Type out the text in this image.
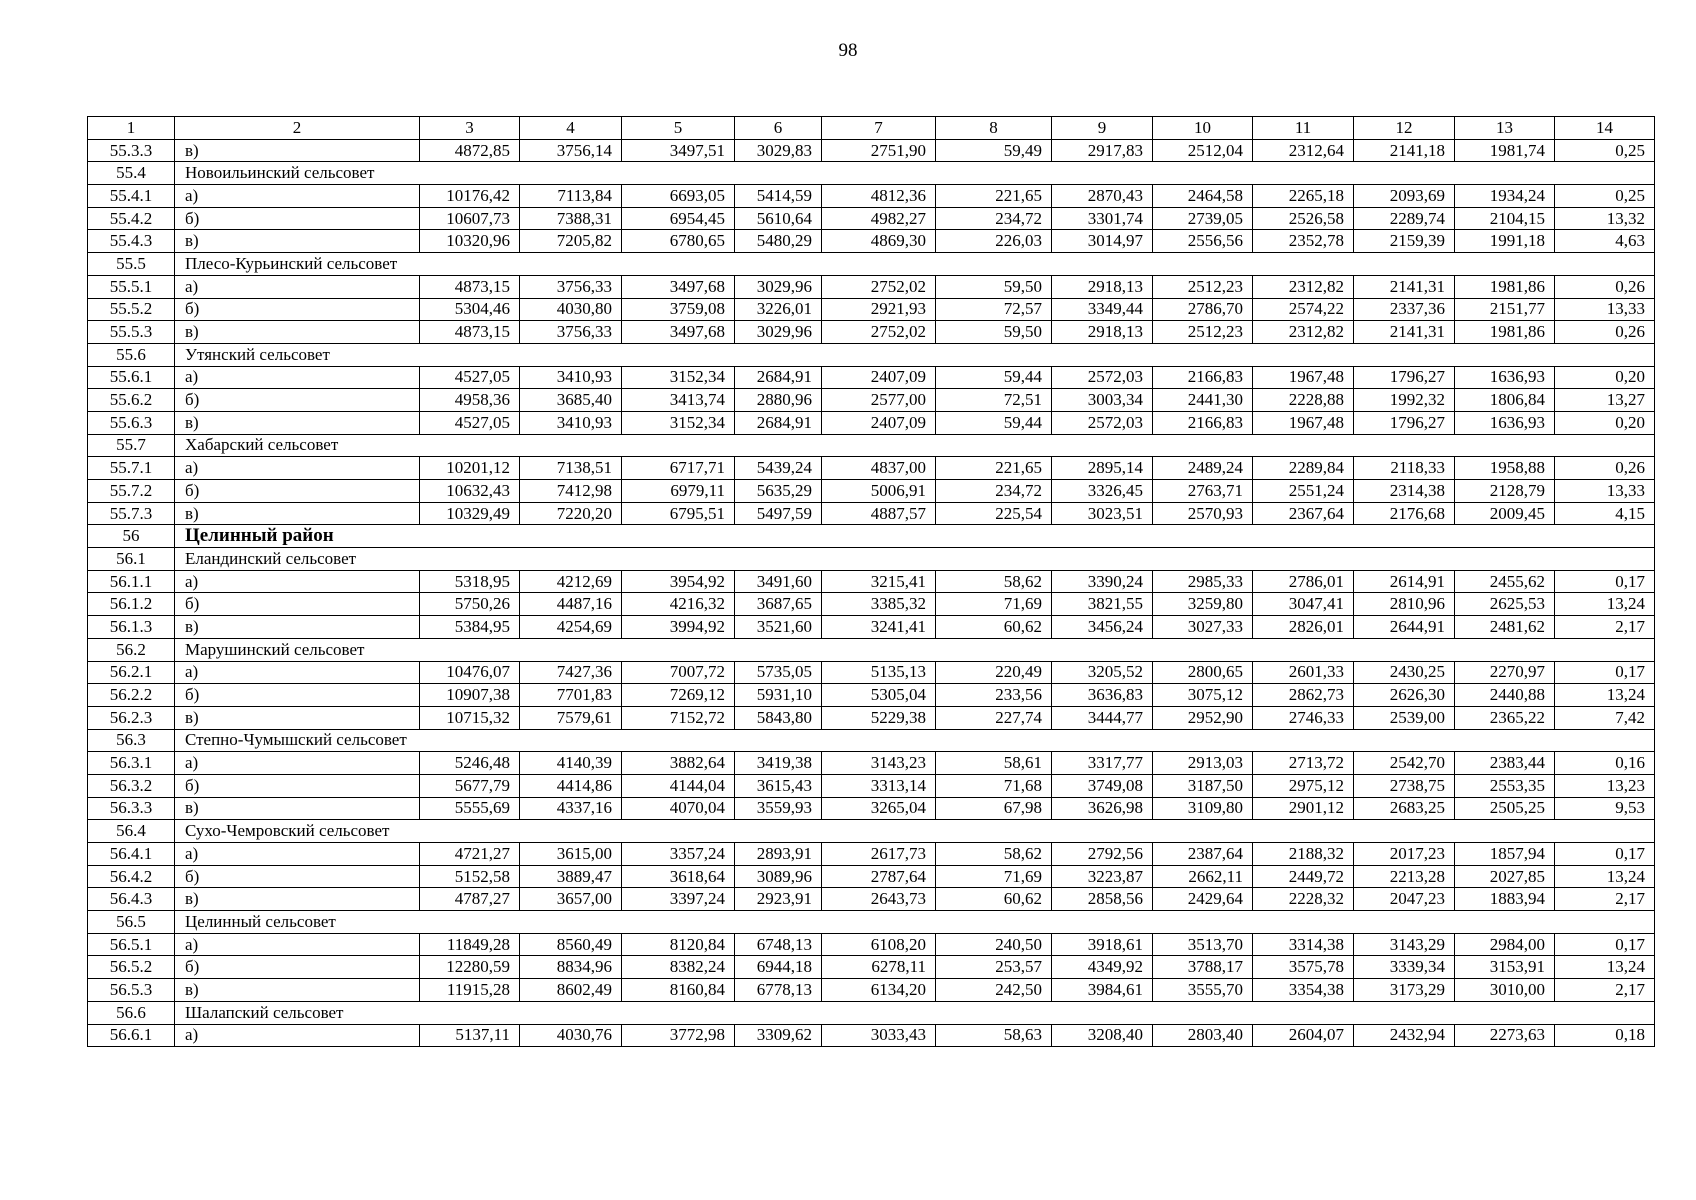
98
1	2	3	4	5	6	7	8	9	10	11	12	13	14
55.3.3	в)	4872,85	3756,14	3497,51	3029,83	2751,90	59,49	2917,83	2512,04	2312,64	2141,18	1981,74	0,25
55.4	Новоильинский сельсовет												
55.4.1	а)	10176,42	7113,84	6693,05	5414,59	4812,36	221,65	2870,43	2464,58	2265,18	2093,69	1934,24	0,25
55.4.2	б)	10607,73	7388,31	6954,45	5610,64	4982,27	234,72	3301,74	2739,05	2526,58	2289,74	2104,15	13,32
55.4.3	в)	10320,96	7205,82	6780,65	5480,29	4869,30	226,03	3014,97	2556,56	2352,78	2159,39	1991,18	4,63
55.5	Плесо-Курьинский сельсовет												
55.5.1	а)	4873,15	3756,33	3497,68	3029,96	2752,02	59,50	2918,13	2512,23	2312,82	2141,31	1981,86	0,26
55.5.2	б)	5304,46	4030,80	3759,08	3226,01	2921,93	72,57	3349,44	2786,70	2574,22	2337,36	2151,77	13,33
55.5.3	в)	4873,15	3756,33	3497,68	3029,96	2752,02	59,50	2918,13	2512,23	2312,82	2141,31	1981,86	0,26
55.6	Утянский сельсовет												
55.6.1	а)	4527,05	3410,93	3152,34	2684,91	2407,09	59,44	2572,03	2166,83	1967,48	1796,27	1636,93	0,20
55.6.2	б)	4958,36	3685,40	3413,74	2880,96	2577,00	72,51	3003,34	2441,30	2228,88	1992,32	1806,84	13,27
55.6.3	в)	4527,05	3410,93	3152,34	2684,91	2407,09	59,44	2572,03	2166,83	1967,48	1796,27	1636,93	0,20
55.7	Хабарский сельсовет												
55.7.1	а)	10201,12	7138,51	6717,71	5439,24	4837,00	221,65	2895,14	2489,24	2289,84	2118,33	1958,88	0,26
55.7.2	б)	10632,43	7412,98	6979,11	5635,29	5006,91	234,72	3326,45	2763,71	2551,24	2314,38	2128,79	13,33
55.7.3	в)	10329,49	7220,20	6795,51	5497,59	4887,57	225,54	3023,51	2570,93	2367,64	2176,68	2009,45	4,15
56	Целинный район												
56.1	Еландинский сельсовет												
56.1.1	а)	5318,95	4212,69	3954,92	3491,60	3215,41	58,62	3390,24	2985,33	2786,01	2614,91	2455,62	0,17
56.1.2	б)	5750,26	4487,16	4216,32	3687,65	3385,32	71,69	3821,55	3259,80	3047,41	2810,96	2625,53	13,24
56.1.3	в)	5384,95	4254,69	3994,92	3521,60	3241,41	60,62	3456,24	3027,33	2826,01	2644,91	2481,62	2,17
56.2	Марушинский сельсовет												
56.2.1	а)	10476,07	7427,36	7007,72	5735,05	5135,13	220,49	3205,52	2800,65	2601,33	2430,25	2270,97	0,17
56.2.2	б)	10907,38	7701,83	7269,12	5931,10	5305,04	233,56	3636,83	3075,12	2862,73	2626,30	2440,88	13,24
56.2.3	в)	10715,32	7579,61	7152,72	5843,80	5229,38	227,74	3444,77	2952,90	2746,33	2539,00	2365,22	7,42
56.3	Степно-Чумышский сельсовет												
56.3.1	а)	5246,48	4140,39	3882,64	3419,38	3143,23	58,61	3317,77	2913,03	2713,72	2542,70	2383,44	0,16
56.3.2	б)	5677,79	4414,86	4144,04	3615,43	3313,14	71,68	3749,08	3187,50	2975,12	2738,75	2553,35	13,23
56.3.3	в)	5555,69	4337,16	4070,04	3559,93	3265,04	67,98	3626,98	3109,80	2901,12	2683,25	2505,25	9,53
56.4	Сухо-Чемровский сельсовет												
56.4.1	а)	4721,27	3615,00	3357,24	2893,91	2617,73	58,62	2792,56	2387,64	2188,32	2017,23	1857,94	0,17
56.4.2	б)	5152,58	3889,47	3618,64	3089,96	2787,64	71,69	3223,87	2662,11	2449,72	2213,28	2027,85	13,24
56.4.3	в)	4787,27	3657,00	3397,24	2923,91	2643,73	60,62	2858,56	2429,64	2228,32	2047,23	1883,94	2,17
56.5	Целинный сельсовет												
56.5.1	а)	11849,28	8560,49	8120,84	6748,13	6108,20	240,50	3918,61	3513,70	3314,38	3143,29	2984,00	0,17
56.5.2	б)	12280,59	8834,96	8382,24	6944,18	6278,11	253,57	4349,92	3788,17	3575,78	3339,34	3153,91	13,24
56.5.3	в)	11915,28	8602,49	8160,84	6778,13	6134,20	242,50	3984,61	3555,70	3354,38	3173,29	3010,00	2,17
56.6	Шалапский сельсовет												
56.6.1	а)	5137,11	4030,76	3772,98	3309,62	3033,43	58,63	3208,40	2803,40	2604,07	2432,94	2273,63	0,18
